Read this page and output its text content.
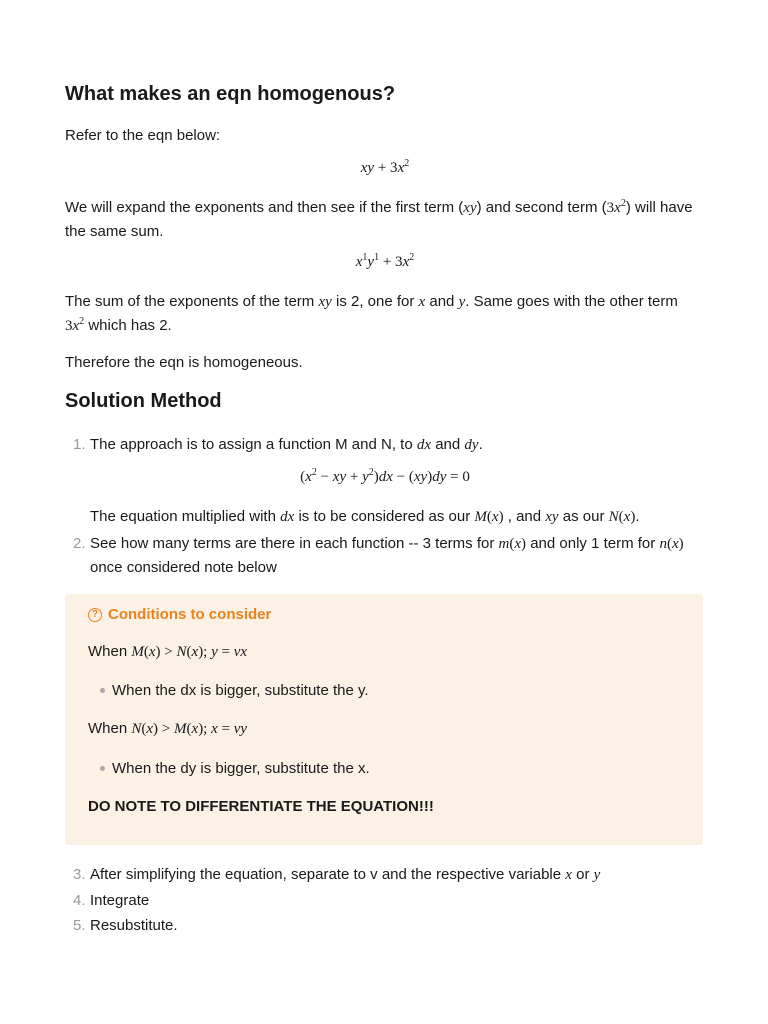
What makes an eqn homogenous?

Refer to the eqn below:

xy + $3x^2$

We will expand the exponents and then see if the first term (xy) and second term $(3x^2)$ will have the same sum.

$x^1y^1 + 3x^2$

The sum of the exponents of the term xy is 2, one for x and y. Same goes with the other term
$3x^2$ which has 2.

Therefore the eqn is homogeneous.

Solution Method
1. The approach is to assign a function M and N, to dx and dy.
($x^2$ − xy + $y^2)dx - (xy)dy = 0$

The equation multiplied with dx is to be considered as our M(x) , and xy as our N(x).

2. See how many terms are there in each function -- 3 terms for m(x) and only 1 term for n(x)
once considered note below
3. After simplifying the equation, separate to v and the respective variable x or y
4. Integrate
5. Resubstitute.
? Conditions to consider
When M(x) > N(x); y = vx
When the dx is bigger, substitute the y.
When N(x) > M(x); x = vy
When the dy is bigger, substitute the x.
DO NOTE TO DIFFERENTIATE THE EQUATION!!!
